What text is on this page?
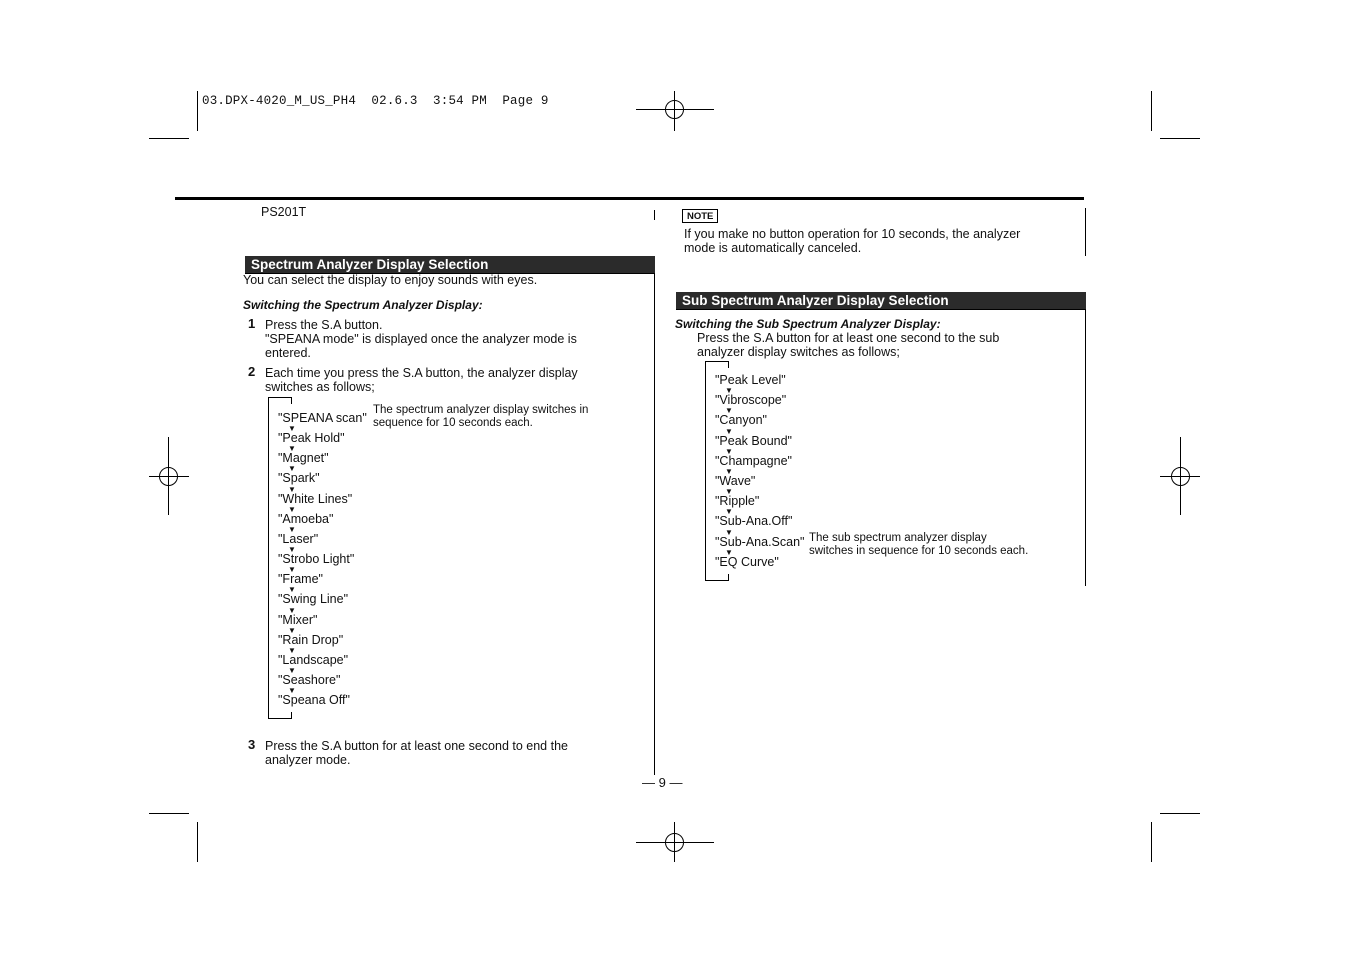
03.DPX-4020_M_US_PH4  02.6.3  3:54 PM  Page 9
PS201T
Spectrum Analyzer Display Selection
You can select the display to enjoy sounds with eyes.
Switching the Spectrum Analyzer Display:
1 Press the S.A button.
"SPEANA mode" is displayed once the analyzer mode is
entered.
2 Each time you press the S.A button, the analyzer display
switches as follows;
"SPEANA scan"
"Peak Hold"
▼
"Magnet"
▼
"Spark"
▼
"White Lines"
▼
"Amoeba"
▼
"Laser"
▼
"Strobo Light"
▼
"Frame"
▼
"Swing Line"
▼
"Mixer"
▼
"Rain Drop"
▼
"Landscape"
▼
"Seashore"
▼
"Speana Off"
▼
The spectrum analyzer display switches in
sequence for 10 seconds each.
3 Press the S.A button for at least one second to end the
analyzer mode.
— 9 —
NOTE
If you make no button operation for 10 seconds, the analyzer
mode is automatically canceled.
Sub Spectrum Analyzer Display Selection
Switching the Sub Spectrum Analyzer Display:
Press the S.A button for at least one second to the sub
analyzer display switches as follows;
"Peak Level"
"Vibroscope"
▼
"Canyon"
▼
"Peak Bound"
▼
"Champagne"
▼
"Wave"
▼
"Ripple"
▼
"Sub-Ana.Off"
▼
"Sub-Ana.Scan"
▼
"EQ Curve"
▼
The sub spectrum analyzer display
switches in sequence for 10 seconds each.
